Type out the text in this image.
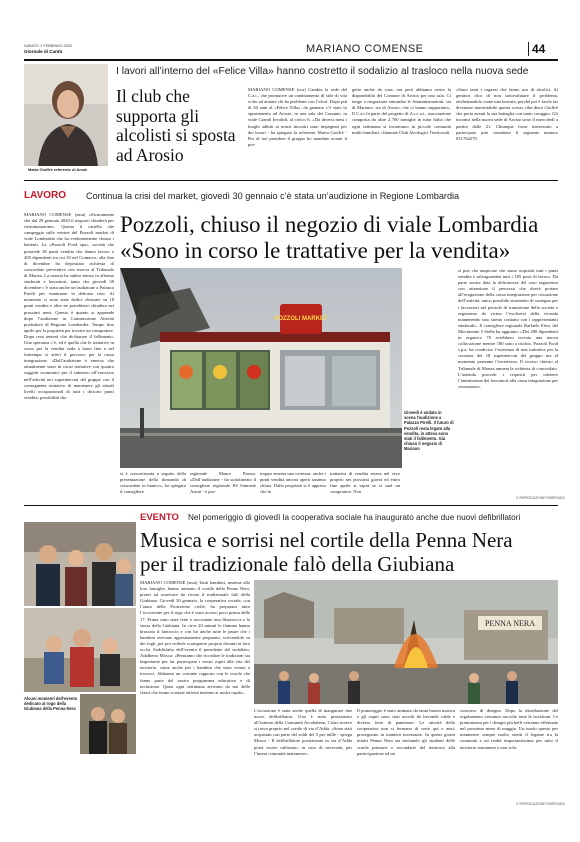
SABATO 1 FEBBRAIO 2020
Giornale di Cantù	MARIANO COMENSE	44
Maria Gioffrè referente di Arcat
I lavori all’interno del «Felice Villa» hanno costretto il sodalizio al trasloco nella nuova sede
Il club che supporta gli alcolisti si sposta ad Arosio

MARIANO COMENSE (sca) Cambia la sede del C.a.t., che promuove un cambiamento di stile di vita volto ad aiutare chi ha problemi con l’alcol. Dopo più di 30 anni al «Felice Villa», da gennaio c’è stato lo spostamento ad Arosio, in una sala del Comune, in viale Grandi Invalidi, al civico 6. «Da diversi mesi i luoghi adibiti ai nostri incontri sono impegnati per dei lavori - ha spiegato la referente, Maria Gioffrè - Per di noi prendere il gruppo ho mandato avanti il pro-

getto anche da casa, ora però abbiamo avuto la disponibilità del Comune di Arosio per una sala. Ci tengo a ringraziare entrambe le Amministrazioni, sia di Mariano, sia di Arosio, che ci hanno supportato». Il C.a.t fa parte del progetto di A.r.c.a.t., associazione composta da oltre 2.700 famiglie in tutta Italia che ogni settimana si incontrano in piccole comunità multi-familiari, chiamate Club Alcologici Territoriali.

«Sono tanti i ragazzi che fanno uso di alcolici. Ai genitori dico di non sottovalutare il problema, etichettandolo come una bravata, perché poi è facile far diventare inarrestabile questa scesa» riba-disce Gioffrè che porta avanti la sua battaglia con tanto coraggio. Gli incontri nella nuova sede di Arosio sono il mercoledì a partire dalle 21. Chiunque fosse interessato a partecipare può contattare il seguente numero 031764279.

LAVORO Continua la crisi del market, giovedì 30 gennaio c’è stata un’audizione in Regione Lombardia

MARIANO COMENSE (sma) «Sicuramente che dal 29 gennaio 2020 il negozio chiuderà per ristrutturazione». Questo il cartello che campeggia sulle vetrine del Pozzoli market di viale Lombardia che ha evidentemente chiuso i battenti. La «Pozzoli Food spa», società che possiede 18 punti vendita che danno lavoro a 200 dipendenti tra cui 10 nel Comasco, alla fine di dicembre ha depositato richiesta di concordato preventivo con riserva al Tribunale di Monza. La notizia ha subito messo in allarme sindacati e lavoratori, tanto che giovedì 30 dicembre c’è stata anche un’audizione a Palazzo Pirelli per esaminare la delicata crisi. Al momento ci sono state dodici chiusure su 18 punti vendita e altre ne potrebbero chiudere nei prossimi mesi. Questo è quanto si apprende dopo l’audizione in Commissione Attività produttive di Regione Lombardia. Tempo fino aprile per la proprietà per trovare un compratore. Dopo resa tenterà che dichiarare il fallimento. Una speranza c’è, ed è quella che le trattative in corso per la vendita vada a buon fine e nel frattempo si attivi il percorso per la cassa integrazione. «Dall’audizione è emerso che attualmente sono in corso trattative con quattro soggetti economici per il subentro all’esercizio nell’attività nei supermercati del gruppo con il conseguente tentativo di mantenere gli attuali livelli occupazionali di tutti i diciotto punti vendita; possibilità che

Pozzoli, chiuso il negozio di viale Lombardia
«Sono in corso le trattative per la vendita»
POZZOLI MARKET
Giovedì è andata in scena l’audizione a Palazzo Pirelli. Il futuro di Pozzoli resta legato alla vendita, in attesa sono stati il fallimento. Già chiuso il negozio di Mariano

si è concretizzata a seguito della presentazione della domanda di concordato in bianco», ha spiegato il consigliere

regionale Mauro Piazza. «Dall’audizione - ha sottolineato il consigliere regionale Pd Samuele Astuti - è pur-

troppo emersa una certezza: anche i punti vendita ancora aperti saranno chiusi. Dalla proprietà si è appreso che la

trattativa di vendita estesa nel vivo proprio nei prossimi giorni ed entro fine aprile si saprà se ci sarà un compratore. Non

si può che auspicare che siano acquisiti tutti i punti vendita e salvaguardati tutti i 185 posti di lavoro. Da parte nostra data la delicatezza del caso seguiremo con attenzione il percorso che dovrà portare all’erogazione della cassa integrazione per cessazione dell’attività, unico possibile strumento di sostegno per i lavoratori nel periodo di transizione della società e seguiremo da vicino l’evolversi della vicenda mantenendo uno stretto contatto con i rappresentanti sindacali». Il consigliere regionale Raffaele Erba, del Movimento 5 Stelle ha aggiunto: «Dei 200 dipendenti in organico 70 avrebbero trovato una nuova collocazione mentre 180 sono a rischio. Pozzoli Food s.p.a. ha condiviso l’esistenza di una trattativa per la cessione dei 18 supermercati del gruppo ma al momento permane l’incertezza. Il ricorso chiesto al Tribunale di Monza amneta la richiesta di concordato. L’azienda procede i requisiti per ottenere l’ammissione dei lavoratori alla cassa integrazione per cessazione».

© RIPRODUZIONE RISERVATA
EVENTO Nel pomeriggio di giovedì la cooperativa sociale ha inaugurato anche due nuovi defibrillatori
Musica e sorrisi nel cortile della Penna Nera
per il tradizionale falò della Giubiana
Alcuni momenti dell’evento dedicato al rogo della Giubiana della Penna Nera

MARIANO COMENSE (sma) Tanti bambini, insieme alle loro famiglie, hanno animato il cortile della Penna Nera, pronti ad osservare da vicino il tradizionale falò della Giubiana. Giovedì 30 gennaio, la cooperativa sociale, con l’aiuto della Protezione civile, ha preparato tutto l’occorrente per il rogo che è stato acceso poco prima delle 17. Prima sono state lette e raccontate una filastrocca e la storia della Giubiana. In circa 20 minuti le fiamme hanno bruciato il fantoccio e con lui anche tutte le paure che i bambini avevano appositamente preparato, scrivendole su dei fogli, per poi vederle scomparire proprio davanti ai loro occhi. Soddisfatto dell’evento il presidente del sodalizio, Adalberto Mosca: «Pensiamo che ricordare le tradizioni sia importante per far partecipare i nostri ospiti alla vita del territorio, come anche per i bambini che sono venuti a trovarci. Abbiamo un costante rapporto con le scuole che fanno parte del nostro programma educativo e di inclusione. Quasi ogni settimana arrivano da noi delle classi che fanno svariate attività insieme ai nostri ospiti».

PENNA NERA

L’occasione è stata anche quella di inaugurare due nuovi defibrillatori. Uno è stato posizionato all’interno della Comunità Arcobaleno, l’altro invece si trova proprio nel cortile di via d’Adda. «Sono stati acquistati con parte del soldi del 5 per mille - spiega Mosca - Il defibrillatore posizionato in via d’Adda potrà essere utilizzato, in caso di necessità, per l’intera comunità marianese».

Il pomeriggio è stato animato da tanta buona musica e gli ospiti sono stati accolti da bevande calde e diverse fette di panettone. Le attività della cooperativa non si fermano di certo qui e anzi, proseguono in maniera incessante. In questi giorni infatti Penna Nera sta invitando gli studenti delle scuole primarie e secondarie del territorio alla partecipazione ad un

concorso di disegno. Dopo la distribuzione del regolamento verranno raccolte tutte le iscrizioni. Le premiazioni per i disegni più belli verranno effettuate nel prossimo mese di maggio. Un modo questo per mantenere sempre molto stretti il legame tra la comunità e un realtà importantissima per tutto il territorio marianese e non solo.

© RIPRODUZIONE RISERVATA
